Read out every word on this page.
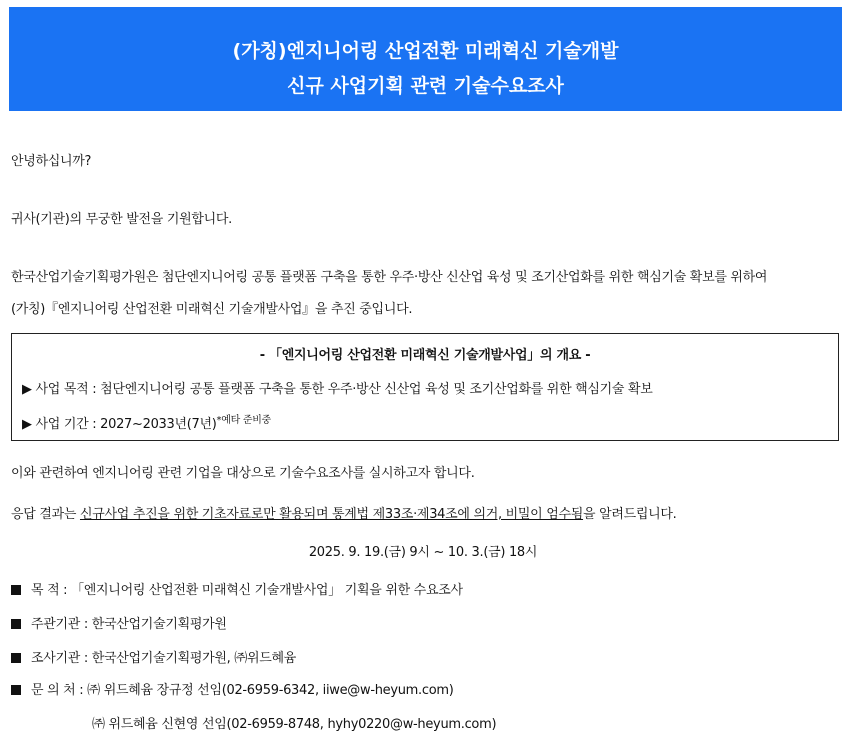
(가칭)엔지니어링 산업전환 미래혁신 기술개발
신규 사업기획 관련 기술수요조사
안녕하십니까?
귀사(기관)의 무궁한 발전을 기원합니다.
한국산업기술기획평가원은 첨단엔지니어링 공통 플랫폼 구축을 통한 우주·방산 신산업 육성 및 조기산업화를 위한 핵심기술 확보를 위하여
(가칭)『엔지니어링 산업전환 미래혁신 기술개발사업』을 추진 중입니다.
- 「엔지니어링 산업전환 미래혁신 기술개발사업」의 개요 -
▶ 사업 목적 : 첨단엔지니어링 공통 플랫폼 구축을 통한 우주·방산 신산업 육성 및 조기산업화를 위한 핵심기술 확보
▶ 사업 기간 : 2027~2033년(7년)$^{*예타 준비중}$
이와 관련하여 엔지니어링 관련 기업을 대상으로 기술수요조사를 실시하고자 합니다.
응답 결과는 신규사업 추진을 위한 기초자료로만 활용되며 통계법 제33조·제34조에 의거, 비밀이 엄수됨을 알려드립니다.
2025. 9. 19.(금) 9시 ~ 10. 3.(금) 18시
목 적 : 「엔지니어링 산업전환 미래혁신 기술개발사업」 기획을 위한 수요조사
주관기관 : 한국산업기술기획평가원
조사기관 : 한국산업기술기획평가원, ㈜위드혜윰
문 의 처 : ㈜ 위드혜윰 장규정 선임(02-6959-6342, iiwe@w-heyum.com)
㈜ 위드혜윰 신현영 선임(02-6959-8748, hyhy0220@w-heyum.com)
